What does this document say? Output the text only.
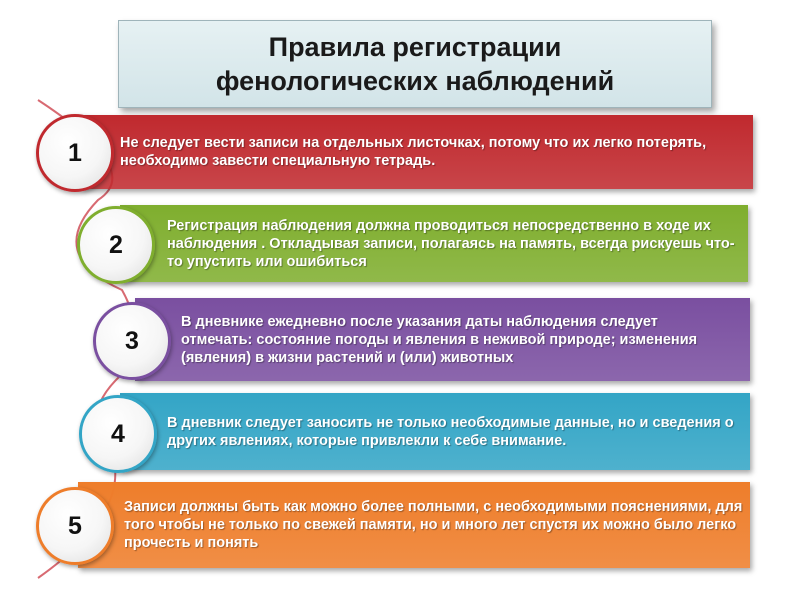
Правила регистрации
фенологических наблюдений

Не следует вести записи на отдельных листочках, потому что их легко потерять, необходимо завести специальную тетрадь.

1

Регистрация наблюдения должна проводиться непосредственно в ходе их наблюдения . Откладывая записи, полагаясь на память, всегда рискуешь что-то упустить или ошибиться

2

В дневнике ежедневно после указания даты наблюдения следует отмечать: состояние погоды и явления в неживой природе; изменения (явления) в жизни растений и (или) животных

3

В дневник следует заносить не только необходимые данные, но и сведения о других явлениях, которые привлекли к себе внимание.

4

Записи должны быть как можно более полными, с необходимыми пояснениями, для того чтобы не только по свежей памяти, но и много лет спустя их можно было легко прочесть и понять

5
